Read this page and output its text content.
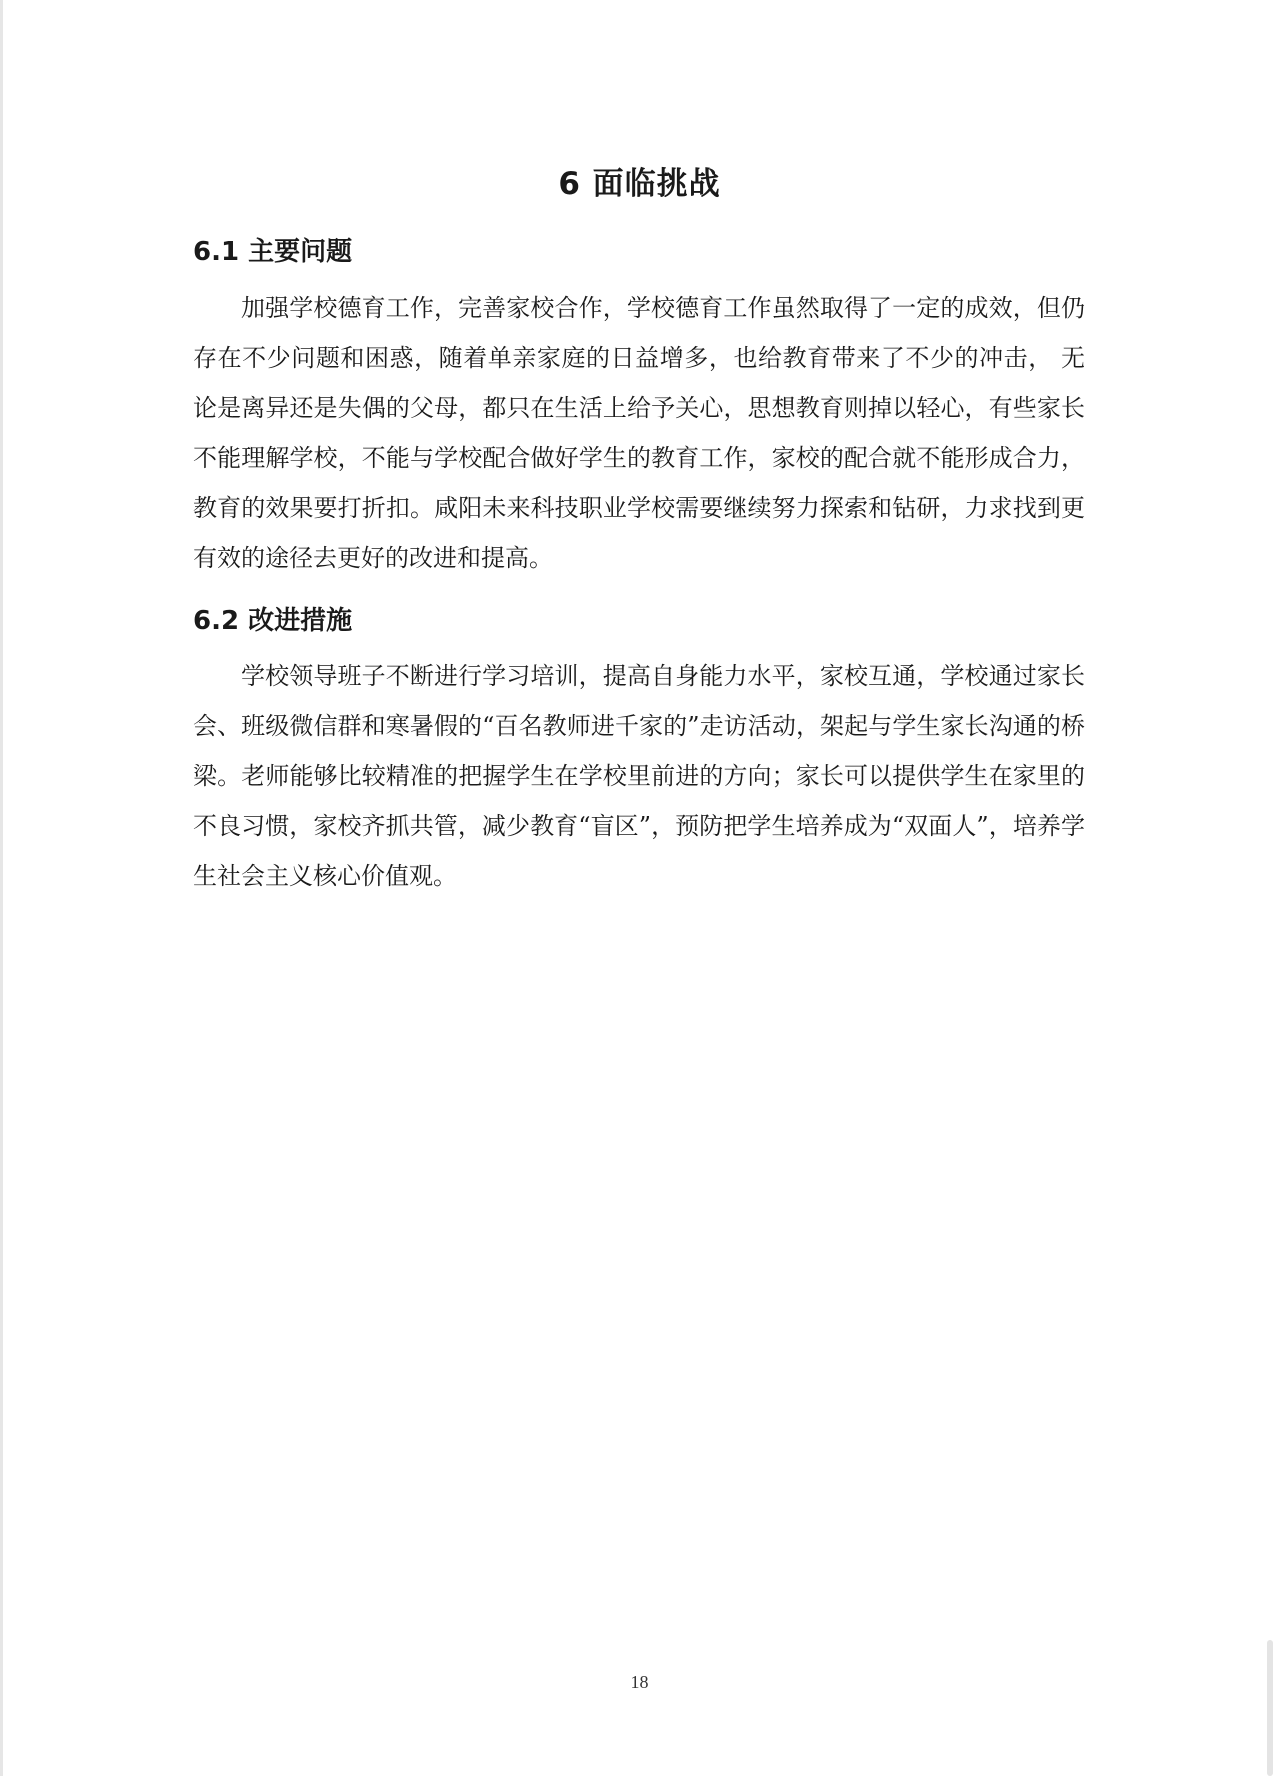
6 面临挑战
6.1 主要问题

加强学校德育工作，完善家校合作，学校德育工作虽然取得了一定的成效，但仍存在不少问题和困惑，随着单亲家庭的日益增多，也给教育带来了不少的冲击， 无论是离异还是失偶的父母，都只在生活上给予关心，思想教育则掉以轻心，有些家长不能理解学校，不能与学校配合做好学生的教育工作，家校的配合就不能形成合力，教育的效果要打折扣。咸阳未来科技职业学校需要继续努力探索和钻研，力求找到更有效的途径去更好的改进和提高。

6.2 改进措施

学校领导班子不断进行学习培训，提高自身能力水平，家校互通，学校通过家长会、班级微信群和寒暑假的“百名教师进千家的”走访活动，架起与学生家长沟通的桥梁。老师能够比较精准的把握学生在学校里前进的方向；家长可以提供学生在家里的不良习惯，家校齐抓共管，减少教育“盲区”，预防把学生培养成为“双面人”，培养学生社会主义核心价值观。

18
